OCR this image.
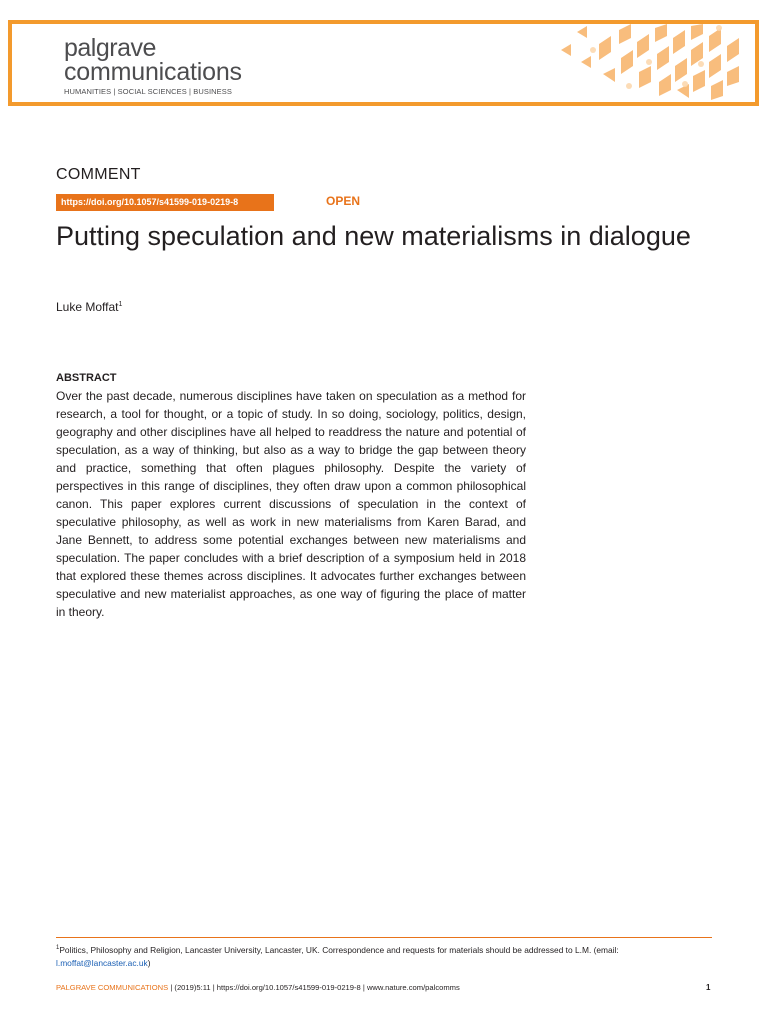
palgrave
communications
HUMANITIES | SOCIAL SCIENCES | BUSINESS
COMMENT
https://doi.org/10.1057/s41599-019-0219-8	OPEN
Putting speculation and new materialisms in dialogue
Luke Moffat$^1$
ABSTRACT

Over the past decade, numerous disciplines have taken on speculation as a method for research, a tool for thought, or a topic of study. In so doing, sociology, politics, design, geography and other disciplines have all helped to readdress the nature and potential of speculation, as a way of thinking, but also as a way to bridge the gap between theory and practice, something that often plagues philosophy. Despite the variety of perspectives in this range of disciplines, they often draw upon a common philosophical canon. This paper explores current discussions of speculation in the context of speculative philosophy, as well as work in new materialisms from Karen Barad, and Jane Bennett, to address some potential exchanges between new materialisms and speculation. The paper concludes with a brief description of a symposium held in 2018 that explored these themes across disciplines. It advocates further exchanges between speculative and new materialist approaches, as one way of figuring the place of matter in theory.

$^1$Politics, Philosophy and Religion, Lancaster University, Lancaster, UK. Correspondence and requests for materials should be addressed to L.M. (email: l.moffat@lancaster.ac.uk)

PALGRAVE COMMUNICATIONS | (2019)5:11 | https://doi.org/10.1057/s41599-019-0219-8 | www.nature.com/palcomms	1
